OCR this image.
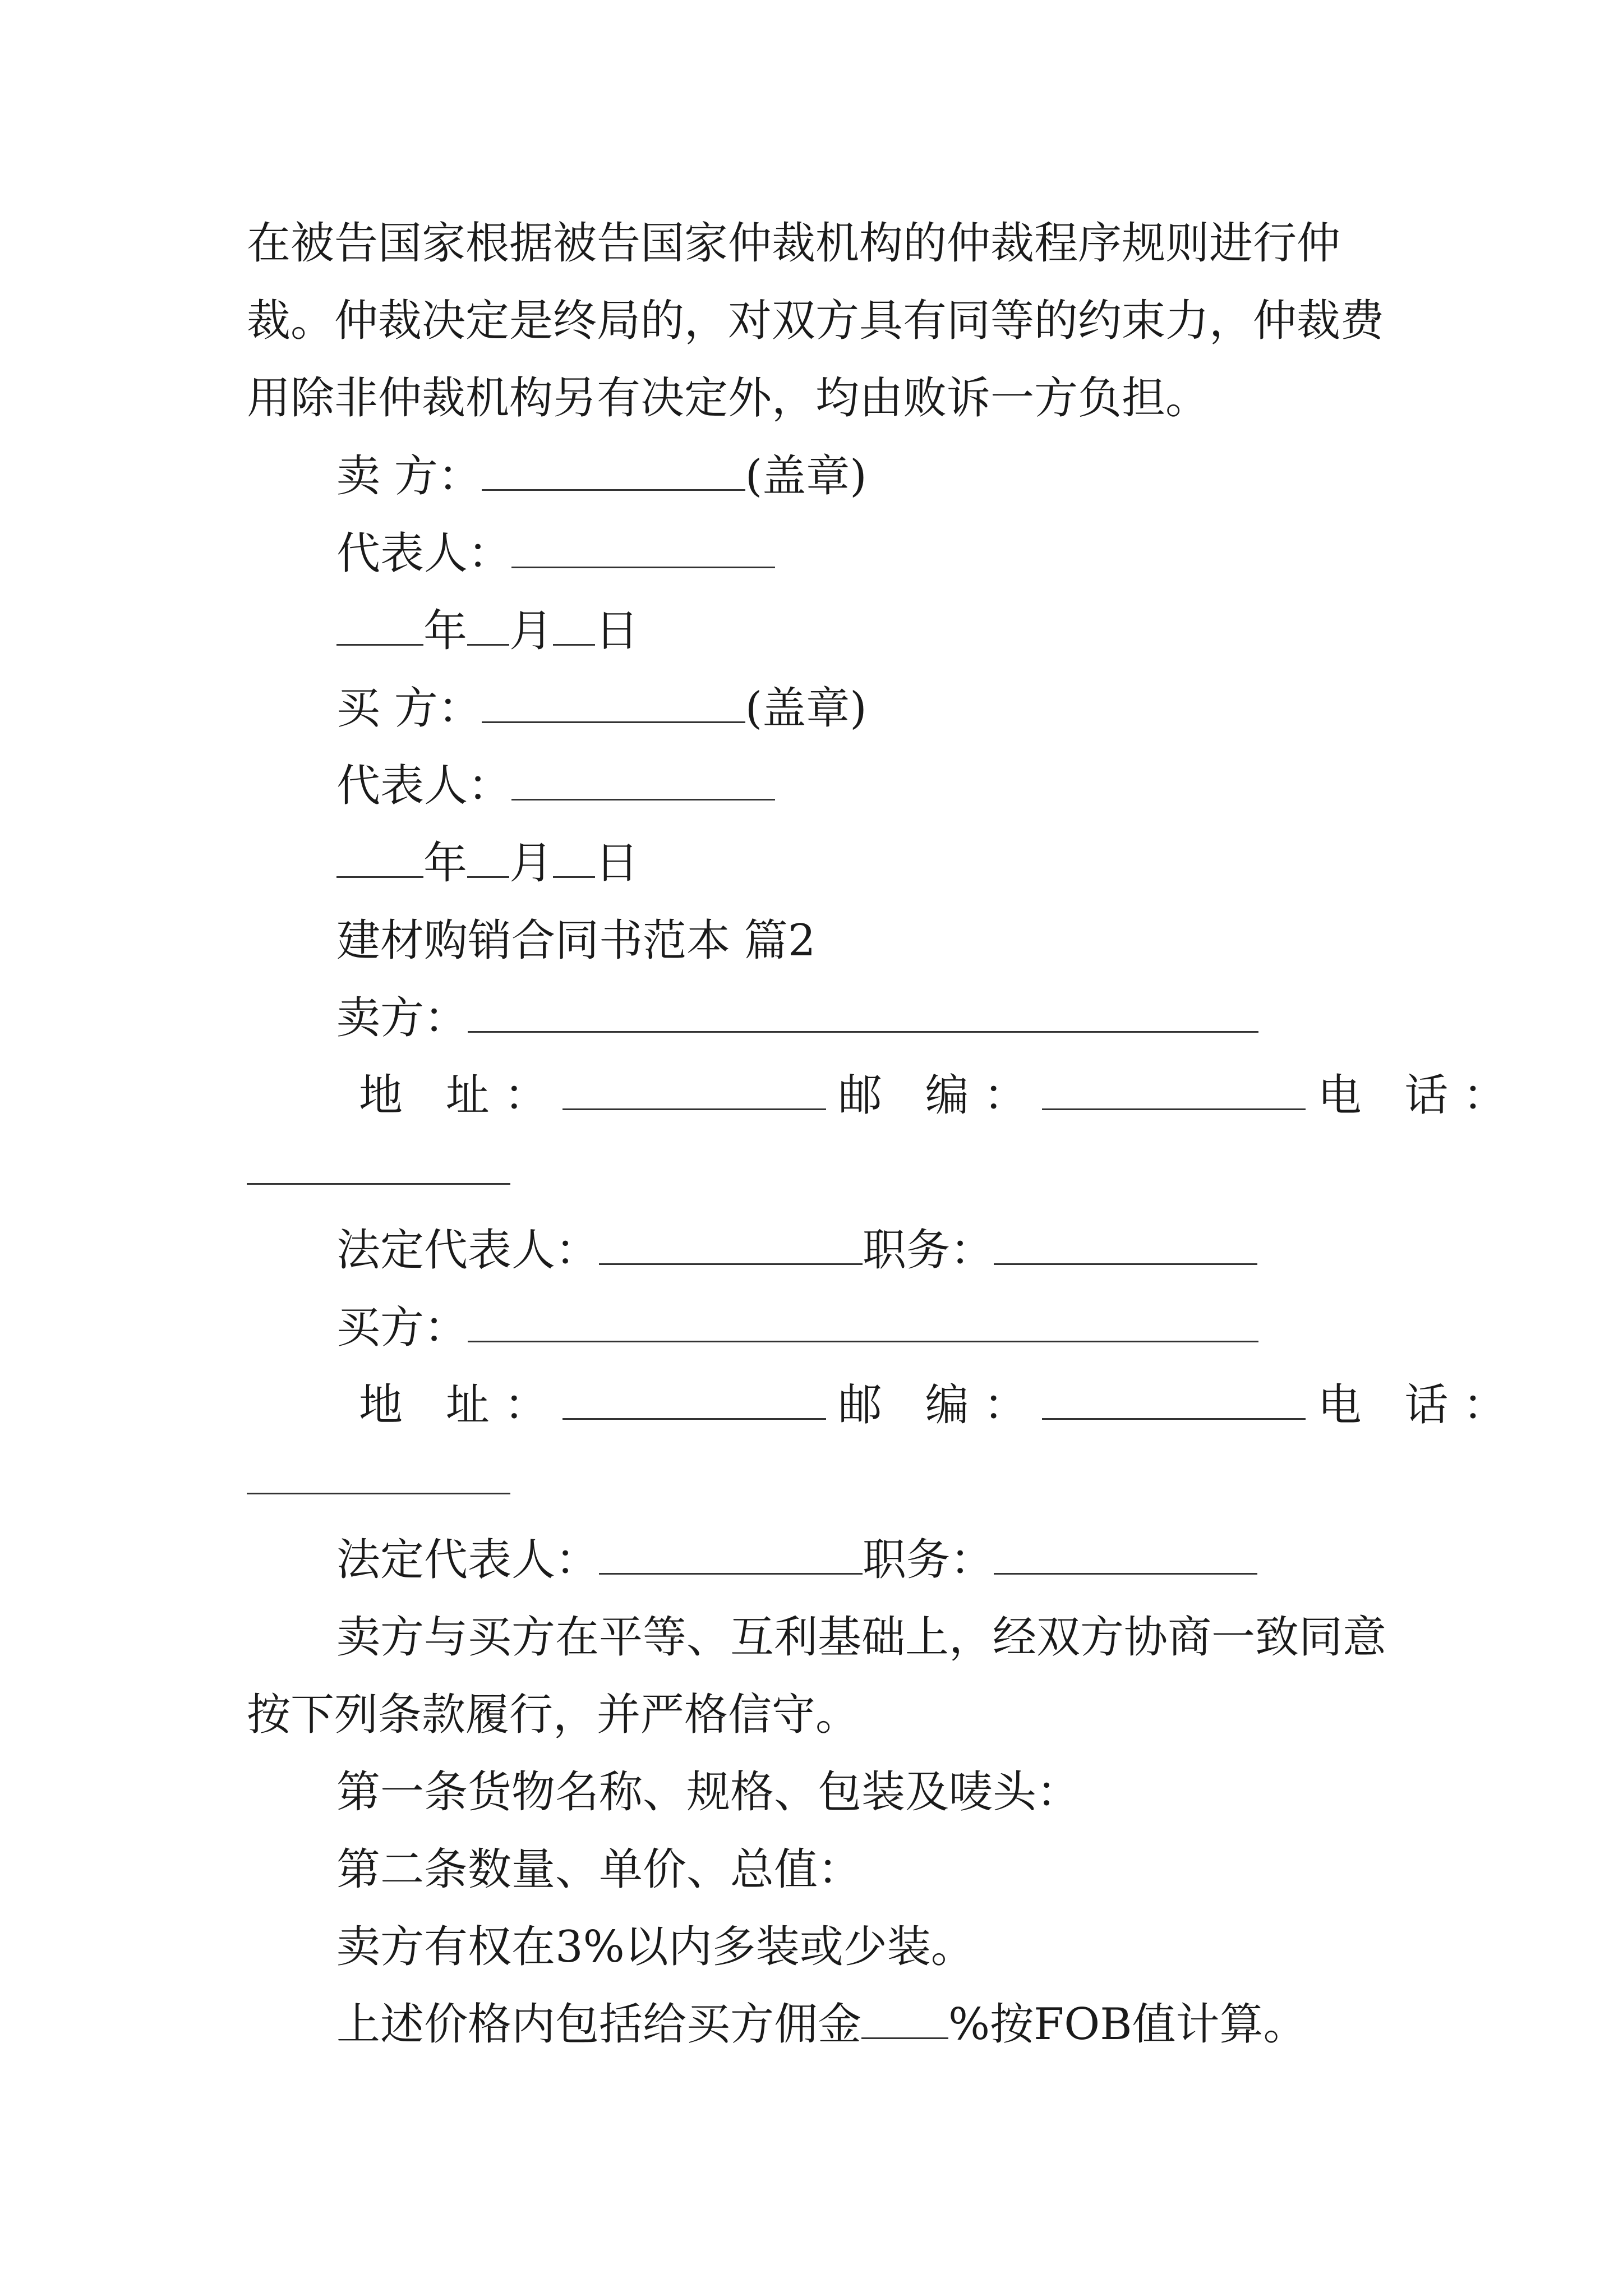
在被告国家根据被告国家仲裁机构的仲裁程序规则进行仲
裁。仲裁决定是终局的，对双方具有同等的约束力，仲裁费
用除非仲裁机构另有决定外，均由败诉一方负担。
卖 方：	(盖章)
代表人：
年 月 日
买 方：	(盖章)
代表人：
年 月 日
建材购销合同书范本 篇2
卖方：
地 址：	邮 编：	电 话：
法定代表人：	职务：
买方：
地 址：	邮 编：	电 话：
法定代表人：	职务：
卖方与买方在平等、互利基础上，经双方协商一致同意
按下列条款履行，并严格信守。
第一条货物名称、规格、包装及唛头：
第二条数量、单价、总值：
卖方有权在3%以内多装或少装。
上述价格内包括给买方佣金 %按FOB值计算。
